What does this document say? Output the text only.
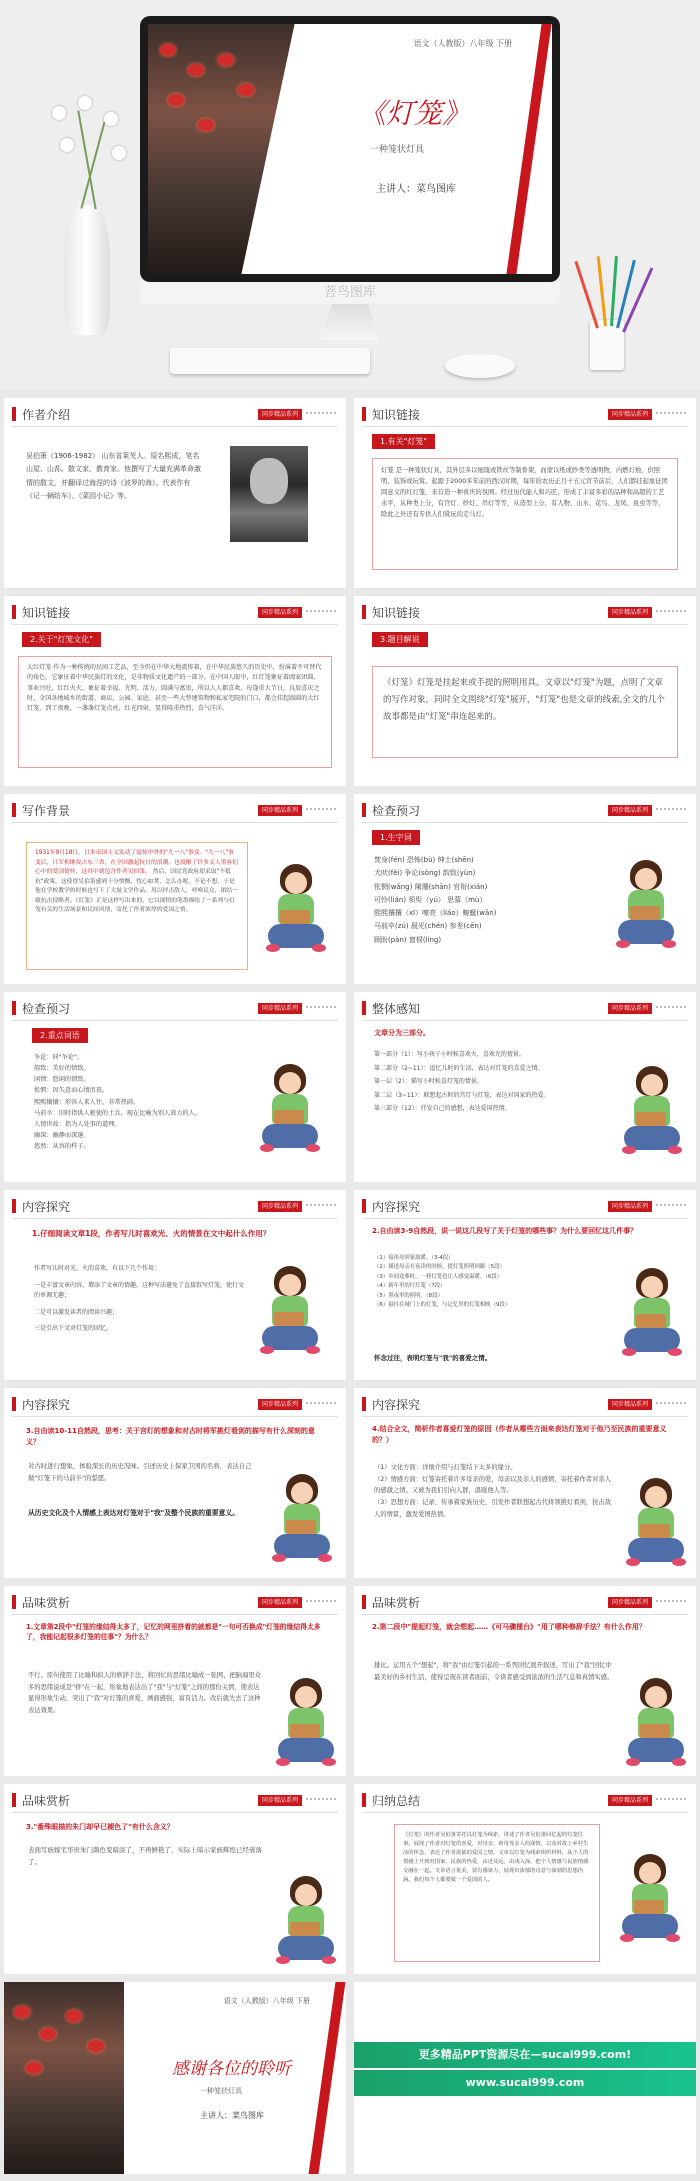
语文（人教版）八年级 下册
《灯笼》
一种笼状灯具
主讲人：菜鸟图库
菩鸟图库
作者介绍	同步精品系列
吴伯箫（1906-1982） 山东省莱芜人。原名熙成，笔名山屋、山荪。散文家、教育家。他撰写了大量充满革命激情的散文，并翻译过海涅的诗《波罗的海》。代表作有《记一辆纺车》、《菜园小记》等。
知识链接	同步精品系列
1.有关"灯笼"
灯笼 是一种笼状灯具，其外层多以细篾或铁丝等制骨架，而蒙以纸或纱类等透明物，内燃灯烛，供照明，装饰或玩赏。起源于2000多年前的西汉时期，每年的农历正月十五元宵节前后，人们都挂起象征团圆意义的红灯笼，来营造一种喜庆的氛围。经过历代能人和巧匠，形成了丰富多彩的品种和高超的工艺水平，从种类上分，有宫灯、纱灯、吊灯等等，从造型上分，有人物、山水、花鸟、龙凤、鱼虫等等，除此之外还有专供人们赏玩的走马灯。
知识链接	同步精品系列
2.关于"灯笼文化"
大红灯笼 作为一种传统的民间工艺品，至今仍在中华大地流传着，在中华民族悠久的历史中，扮演着不可替代的角色，它象征着中华民族灯的文化，是非物质文化遗产的一部分。在中国人眼中，红灯笼象征着阖家团圆、事业兴旺、红红火火、象征着幸福、光明、活力、圆满与富贵，所以人人都喜欢。每逢重大节日，良辰喜庆之时，全国各地城乡的街道、商店、公园、家庭，甚至一些大型建筑物和私家宅院的门口，都会挂起圆圆的大红灯笼，到了夜晚，一盏盏灯笼点亮，红光四射，显得隆重热烈，喜气洋洋。
知识链接	同步精品系列
3.题目解说
《灯笼》灯笼是挂起来或手提的照明用具。文章以"灯笼"为题，点明了文章的写作对象，同时全文围绕"灯笼"展开，"灯笼"也是文章的线索,全文的几个故事都是由"灯笼"串连起来的。
写作背景	同步精品系列
1931年9月18日，日本帝国主义发动了震惊中外的"九一八"事变。"九一八"事变后，日军相继攻占东三省，在全国激起抗日的浪潮。也震醒了许多文人墨客们心中的爱国情怀，这其中就包含作者吴伯箫。 然后，国民党政府却采取"不抵抗"政策，这使得吴伯箫感到十分愤慨，忧心如焚，怎么办呢，不论不想，于是他在学校教学的时候也写下了大量文学作品，用以抨击敌人，呼唤民众，团结一致抗击侵略者。《灯笼》正是这样写出来的，它以深情的笔墨描绘了一系列与灯笼有关的生活场景和民间风情，寄托了作者浓厚的爱国之情。
检查预习	同步精品系列
1.生字词
焚身(fén) 恐怖(bù) 绅士(shēn)
犬吠(fèi) 争论(sòng) 韵致(yùn)
怅惘(wǎng) 阑珊(shān) 官衔(xián)
可怜(lián) 须臾（yú） 思慕（mù）
熙熙攘攘（xī）嘹亮（liáo）蜿蜒(wān)
马前卒(zú) 晨光(chén) 参差(cēn)
顾盼(pàn) 窗棂(líng)
检查预习	同步精品系列
2.重点词语
争论：同"争论"。
韵致：美好的情致。
闲情：悠闲的情致。
怅惘：因失意而心情沮丧。
熙熙攘攘：形容人来人往，非常热闹。
马前卒：旧时指供人驱使的士兵，现在比喻为别人效力的人。
人情世故：指为人处事的道理。
幽深：幽静而深邃。
悠然：从容的样子。
整体感知	同步精品系列
文章分为三部分。
第一部分（1）：写小孩子小时候喜欢火，喜欢光的情景。
第二部分（2~11）：追忆儿时的生活，表达对灯笼的喜爱之情。
第一层（2）：描写小时候喜灯笼的情景。
第二层（3~11）：联想起古时的宫灯与灯笼，表达对国家的热爱。
第三部分（12）：抒发自己的感想，表达爱国热情。
内容探究	同步精品系列
1.仔细阅读文章1段，作者写儿时喜欢光、火的情景在文中起什么作用？
作者写儿时对光、火的喜欢，有以下几个作用：
一是丰富文章内容，增添了文章的情趣，这种写法避免了直接叙写灯笼，使行文的单调无趣；
二是可以激发读者的阅读兴趣；
三是引出下文对灯笼的回忆。
内容探究	同步精品系列
2.自由读3-9自然段，说一说这几段写了关于灯笼的哪些事？为什么要回忆这几件事？
（1）接祖母回家取暖。（3-4段）
（2）描述母亲在夜读的时候，提灯笼照明回路（5段）
（3）乡间送葬时，一样灯笼也让人感觉温暖。（6段）
（4）新年里的红灯笼（7段）
（5）黑夜里的照明。（8段）
（6）悬挂在城门上的灯笼，与记忆里的灯笼相映（9段）
怀念过往，表明灯笼与"我"的喜爱之情。
内容探究	同步精品系列
3.自由读10-11自然段，思考：关于宫灯的想象和对古时将军挑灯看剑的描写有什么深刻的意义？
对古时进行想象，体验深长的历史况味。引述历史上保家卫国的名将，表达自己做"灯笼下的马前卒"的誓愿。
从历史文化及个人情感上表达对灯笼对于"我"及整个民族的重要意义。
内容探究	同步精品系列
4.结合全文，简析作者喜爱灯笼的原因（作者从哪些方面来表达灯笼对于他乃至民族的重要意义的？）
（1）文化方面：详细介绍与灯笼结下太多的缘分。
（2）情感方面：灯笼寄托着许多母亲的爱，母亲以及亲人的感情，寄托着作者对亲人的感激之情。又被为我们引向人群，温暖他人等。
（3）思想方面：记录、传承着家族历史，引发作者联想起古代将领挑灯看剑，抗击敌人的情景，激发爱国热情。
品味赏析	同步精品系列
1.文章第2段中"灯笼的缘结得太多了，记忆的网里挤着的就都是"一句可否换成"灯笼的缘结得太多了，我能记起很多灯笼的往事"？为什么？
不行。原句使用了比喻和拟人的修辞手法，将回忆的思绪比喻成一张网，把脑海里众多的思绪说成是"挤"在一起，形象地表达出了"我"与"灯笼"之间的那份关情，使表达显得形象生动，突出了"我"对灯笼的喜爱，画面感强，富有活力。改后就失去了这种表达效果。
品味赏析	同步精品系列
2.第二段中"提起灯笼，就会想起……《可马骤擂台》"用了哪种修辞手法？有什么作用？
排比。运用五个"想起"，将"我"由灯笼引起的一系列回忆展开叙述，写出了"我"回忆中最美好的乡村生活，使得呈现在读者面前，令读者感受到浓浓的生活气息和真情实感。
品味赏析	同步精品系列
3."番殊眼描的朱门却早已褪色了"有什么含义？
表面写族嫁宅华贵朱门颜色变暗淡了，不再鲜艳了，实际上暗示家族辉煌已经衰落了。
归纳总结	同步精品系列
《灯笼》的作者吴伯箫寄托以灯笼为线索，讲述了作者吴伯箫回忆起的灯笼往事。展现了作者对灯笼的喜爱，对母亲、祖母等亲人的深情，以及对故土乡村生活的怀念，表达了作者浓郁的爱国之情。文章以灯笼为线索组织材料，从个人的情感上升到对国家、民族的热爱，由近及远，由浅入深，把个人情感与民族情感交融在一起。文章语言优美，富有感染力，展现出浓郁的诗意与深刻的思想内涵。我们每个人都要做一个爱国的人。
语文（人教版）八年级 下册
感谢各位的聆听
一种笼状灯具
主讲人：菜鸟图库
更多精品PPT资源尽在—sucai999.com!
www.sucai999.com
